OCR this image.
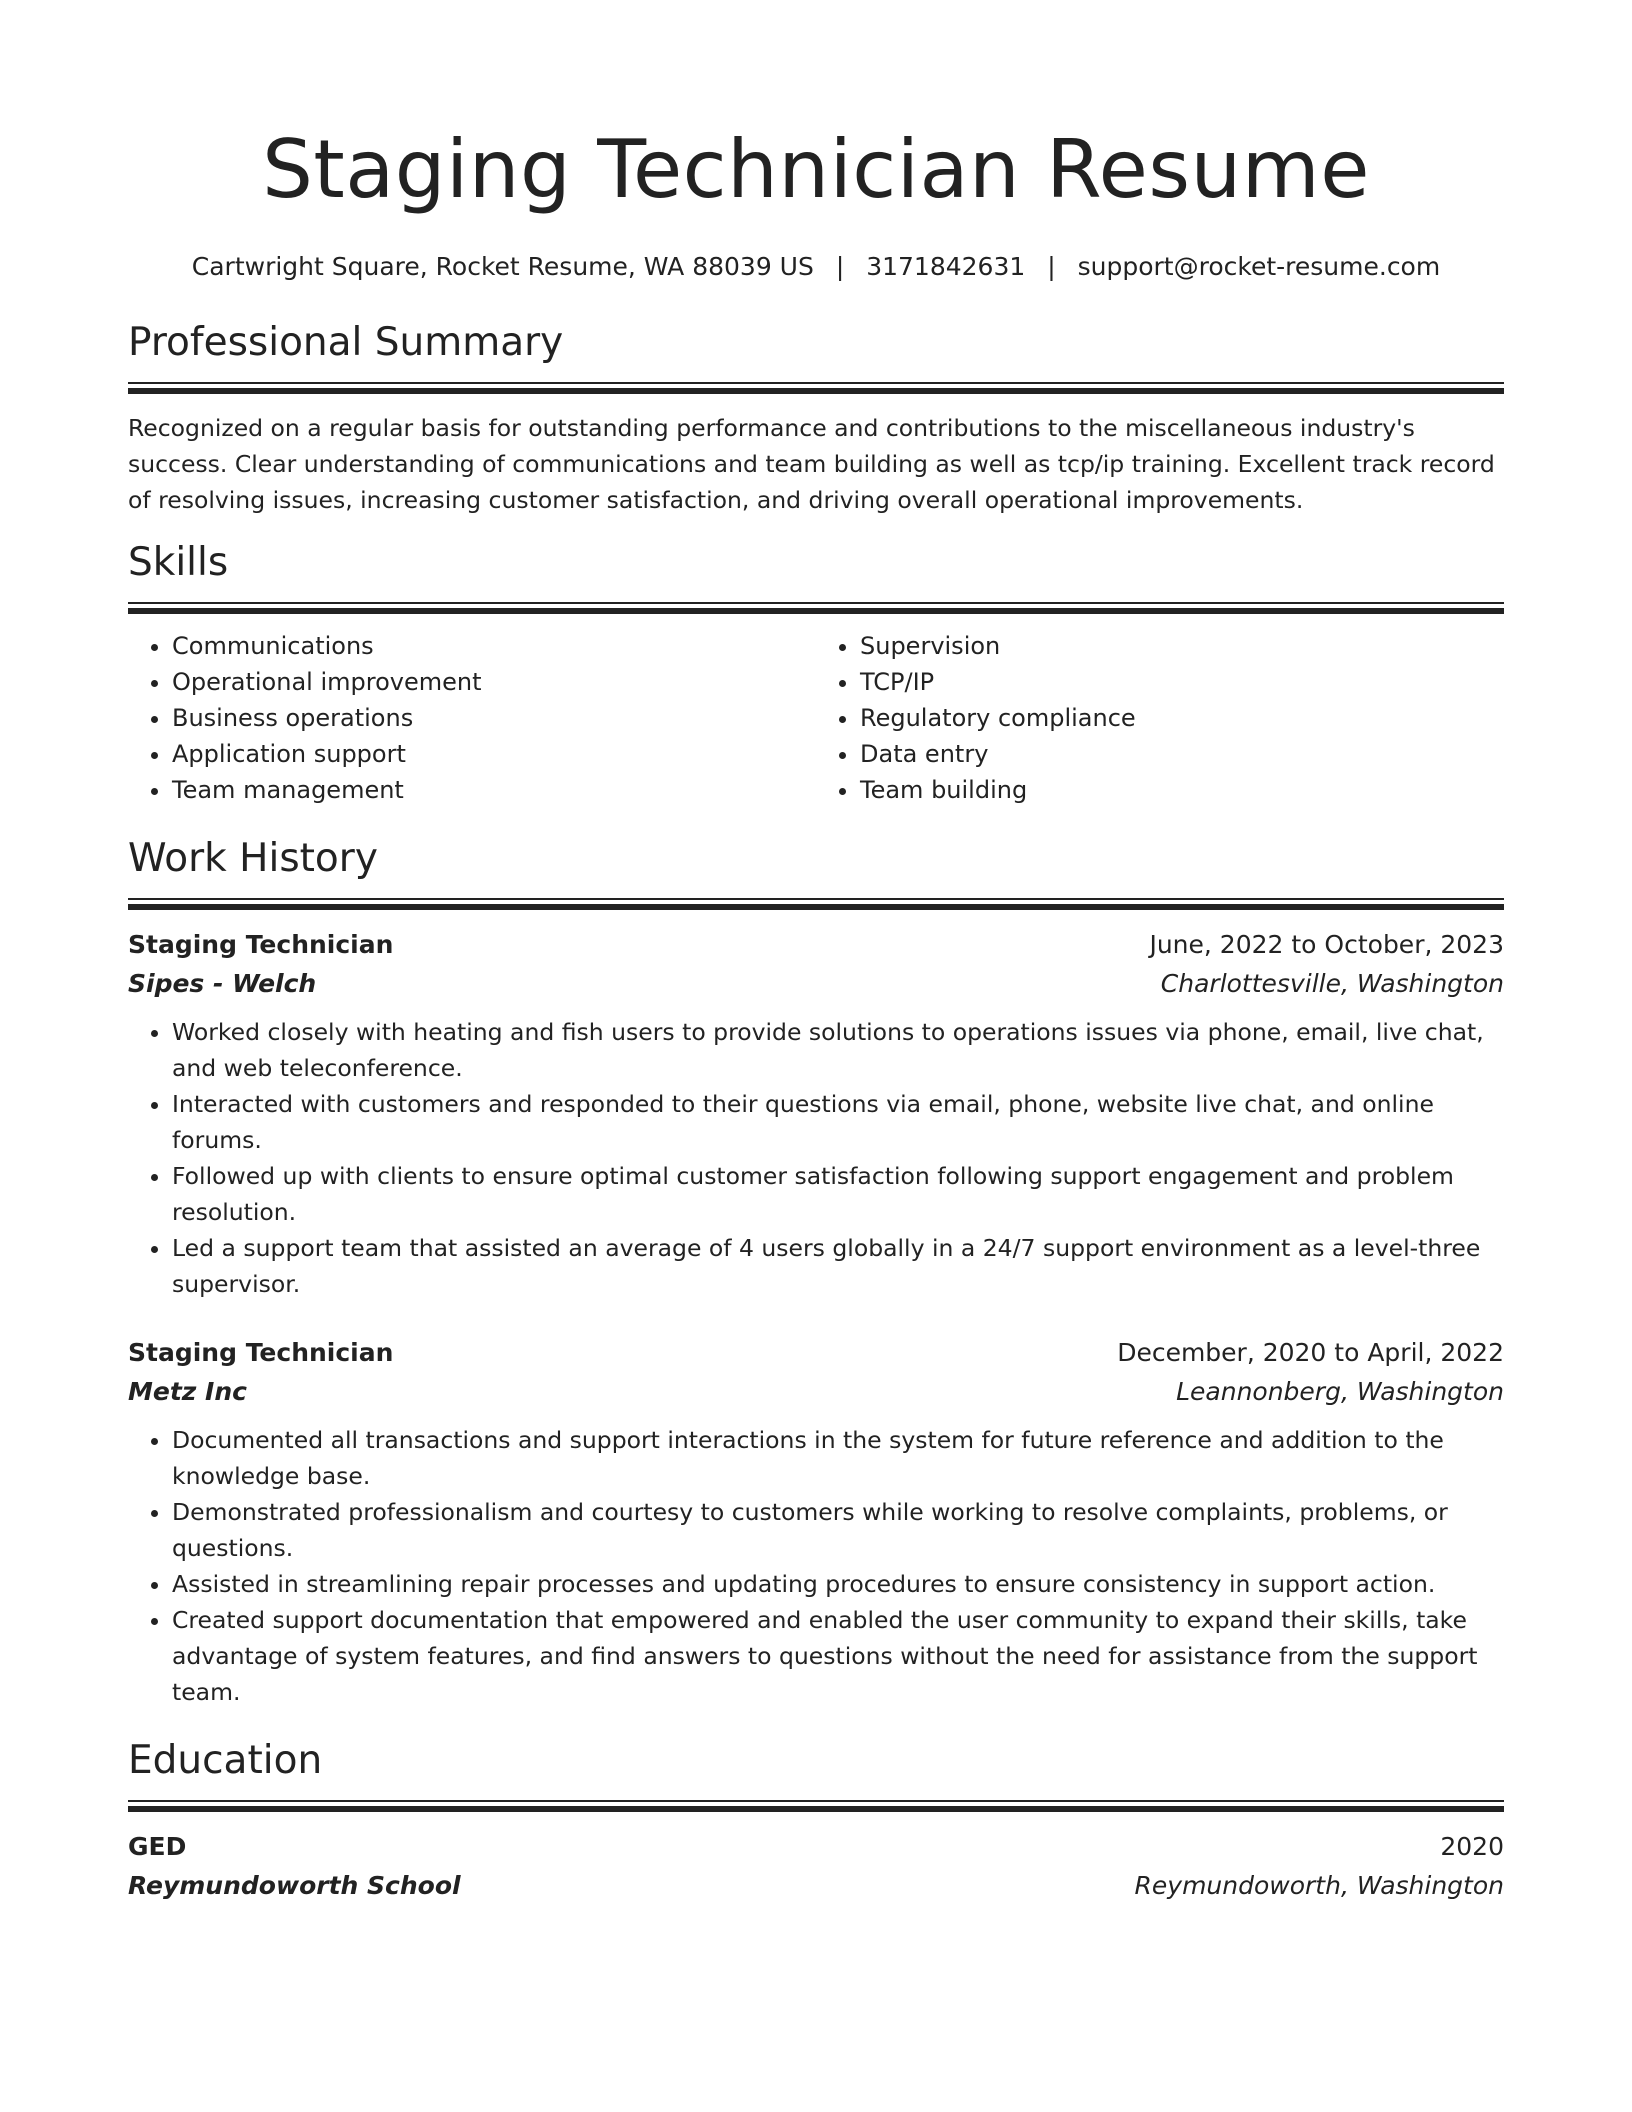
Staging Technician Resume
Cartwright Square, Rocket Resume, WA 88039 US | 3171842631 | support@rocket-resume.com
Professional Summary

Recognized on a regular basis for outstanding performance and contributions to the miscellaneous industry's success. Clear understanding of communications and team building as well as tcp/ip training. Excellent track record of resolving issues, increasing customer satisfaction, and driving overall operational improvements.

Skills
• Communications
• Operational improvement
• Business operations
• Application support
• Team management
• Supervision
• TCP/IP
• Regulatory compliance
• Data entry
• Team building
Work History
Staging Technician	June, 2022 to October, 2023
Sipes - Welch	Charlottesville, Washington
• Worked closely with heating and fish users to provide solutions to operations issues via phone, email, live chat, and web teleconference.
• Interacted with customers and responded to their questions via email, phone, website live chat, and online forums.
• Followed up with clients to ensure optimal customer satisfaction following support engagement and problem resolution.
• Led a support team that assisted an average of 4 users globally in a 24/7 support environment as a level-three supervisor.
Staging Technician	December, 2020 to April, 2022
Metz Inc	Leannonberg, Washington
• Documented all transactions and support interactions in the system for future reference and addition to the knowledge base.
• Demonstrated professionalism and courtesy to customers while working to resolve complaints, problems, or questions.
• Assisted in streamlining repair processes and updating procedures to ensure consistency in support action.
• Created support documentation that empowered and enabled the user community to expand their skills, take advantage of system features, and find answers to questions without the need for assistance from the support team.
Education
GED	2020
Reymundoworth School	Reymundoworth, Washington
